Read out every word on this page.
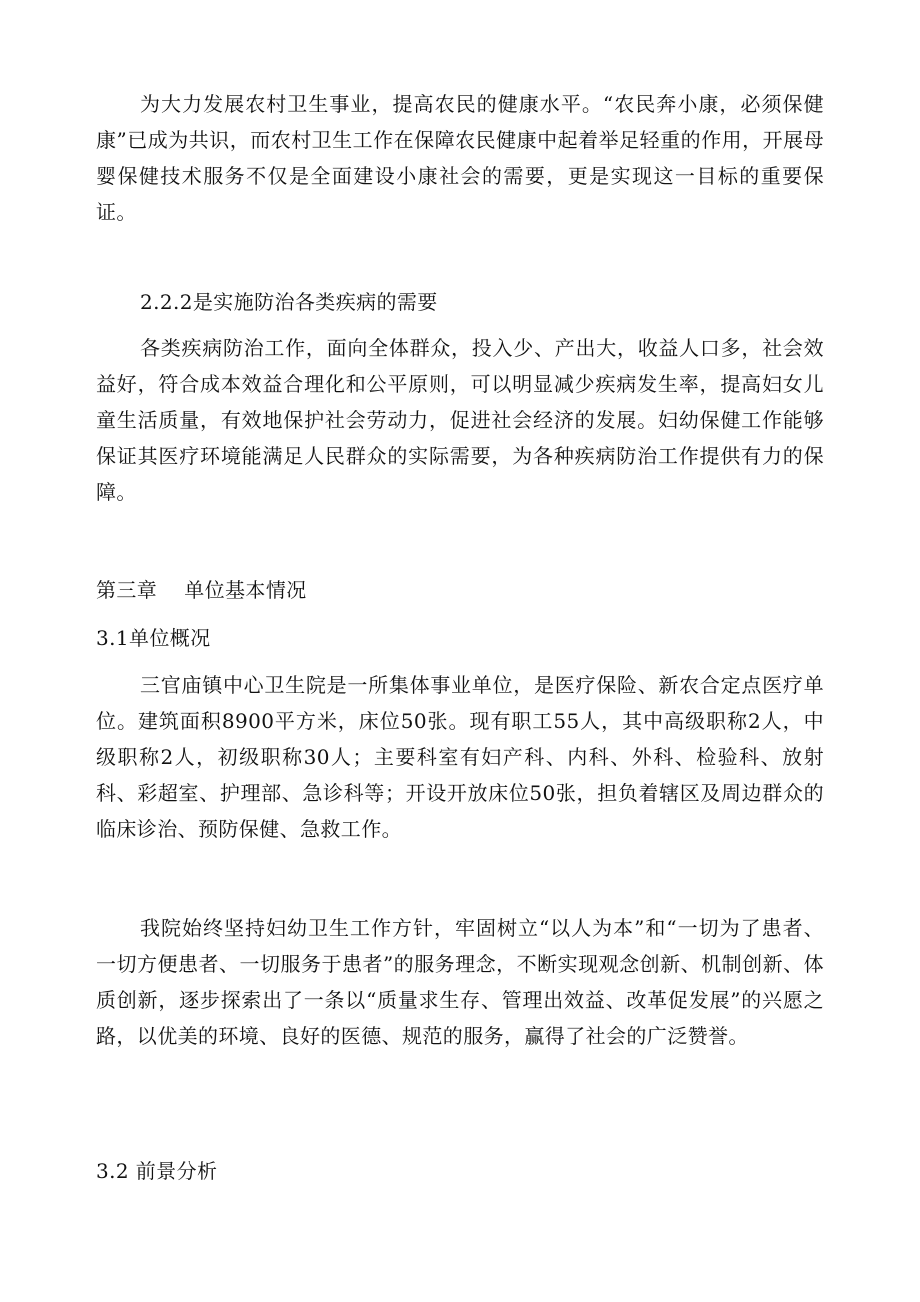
为大力发展农村卫生事业，提高农民的健康水平。“农民奔小康，必须保健康”已成为共识，而农村卫生工作在保障农民健康中起着举足轻重的作用，开展母婴保健技术服务不仅是全面建设小康社会的需要，更是实现这一目标的重要保证。
2.2.2是实施防治各类疾病的需要
各类疾病防治工作，面向全体群众，投入少、产出大，收益人口多，社会效益好，符合成本效益合理化和公平原则，可以明显减少疾病发生率，提高妇女儿童生活质量，有效地保护社会劳动力，促进社会经济的发展。妇幼保健工作能够保证其医疗环境能满足人民群众的实际需要，为各种疾病防治工作提供有力的保障。
第三章    单位基本情况
3.1单位概况
三官庙镇中心卫生院是一所集体事业单位，是医疗保险、新农合定点医疗单位。建筑面积8900平方米，床位50张。现有职工55人，其中高级职称2人，中级职称2人，初级职称30人；主要科室有妇产科、内科、外科、检验科、放射科、彩超室、护理部、急诊科等；开设开放床位50张，担负着辖区及周边群众的临床诊治、预防保健、急救工作。
我院始终坚持妇幼卫生工作方针，牢固树立“以人为本”和“一切为了患者、一切方便患者、一切服务于患者”的服务理念，不断实现观念创新、机制创新、体质创新，逐步探索出了一条以“质量求生存、管理出效益、改革促发展”的兴愿之路，以优美的环境、良好的医德、规范的服务，赢得了社会的广泛赞誉。
3.2 前景分析
